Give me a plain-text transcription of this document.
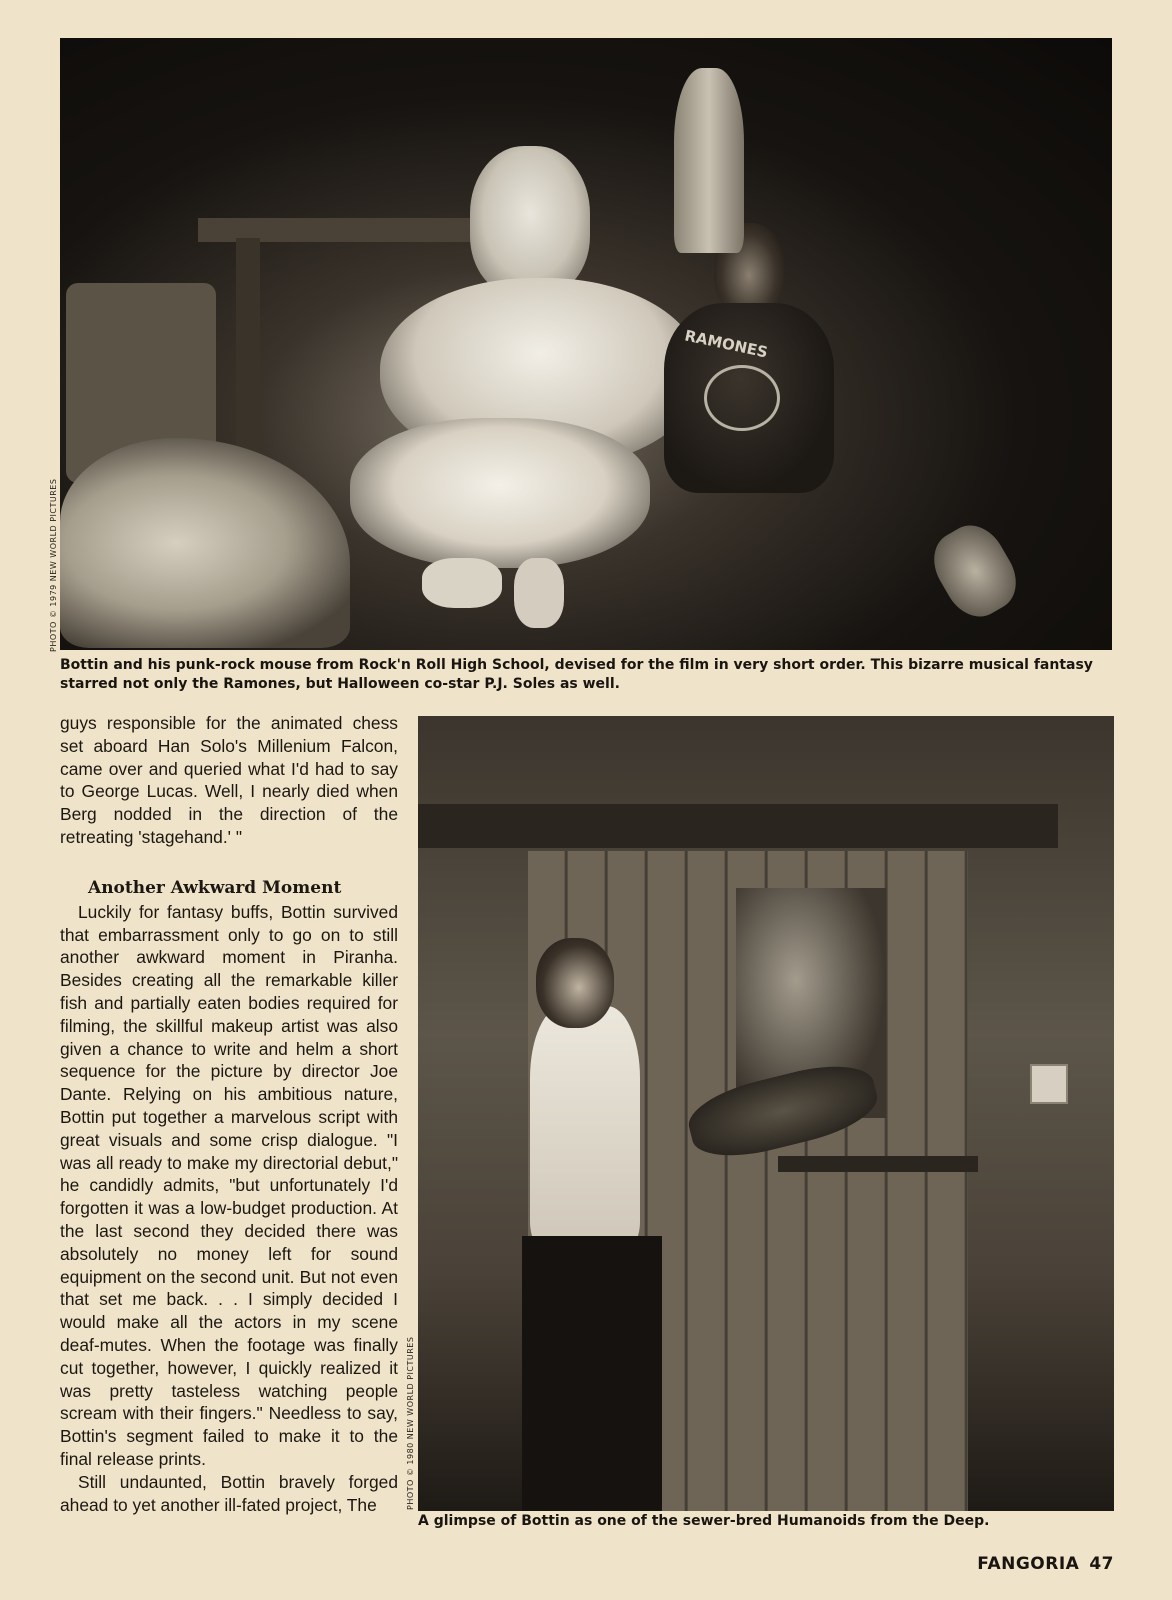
RAMONES
PHOTO © 1979 NEW WORLD PICTURES
Bottin and his punk-rock mouse from Rock'n Roll High School, devised for the film in very short order. This bizarre musical fantasy starred not only the Ramones, but Halloween co-star P.J. Soles as well.

guys responsible for the animated chess set aboard Han Solo's Millenium Falcon, came over and queried what I'd had to say to George Lucas. Well, I nearly died when Berg nodded in the direction of the retreating 'stagehand.' "

Another Awkward Moment

Luckily for fantasy buffs, Bottin survived that embarrassment only to go on to still another awkward moment in Piranha. Besides creating all the remarkable killer fish and partially eaten bodies required for filming, the skillful makeup artist was also given a chance to write and helm a short sequence for the picture by director Joe Dante. Relying on his ambitious nature, Bottin put together a marvelous script with great visuals and some crisp dialogue. "I was all ready to make my directorial debut," he candidly admits, "but unfortunately I'd forgotten it was a low-budget production. At the last second they decided there was absolutely no money left for sound equipment on the second unit. But not even that set me back. . . I simply decided I would make all the actors in my scene deaf-mutes. When the footage was finally cut together, however, I quickly realized it was pretty tasteless watching people scream with their fingers." Needless to say, Bottin's segment failed to make it to the final release prints.

Still undaunted, Bottin bravely forged ahead to yet another ill-fated project, The	PHOTO © 1980 NEW WORLD PICTURES
A glimpse of Bottin as one of the sewer-bred Humanoids from the Deep.
FANGORIA 47
